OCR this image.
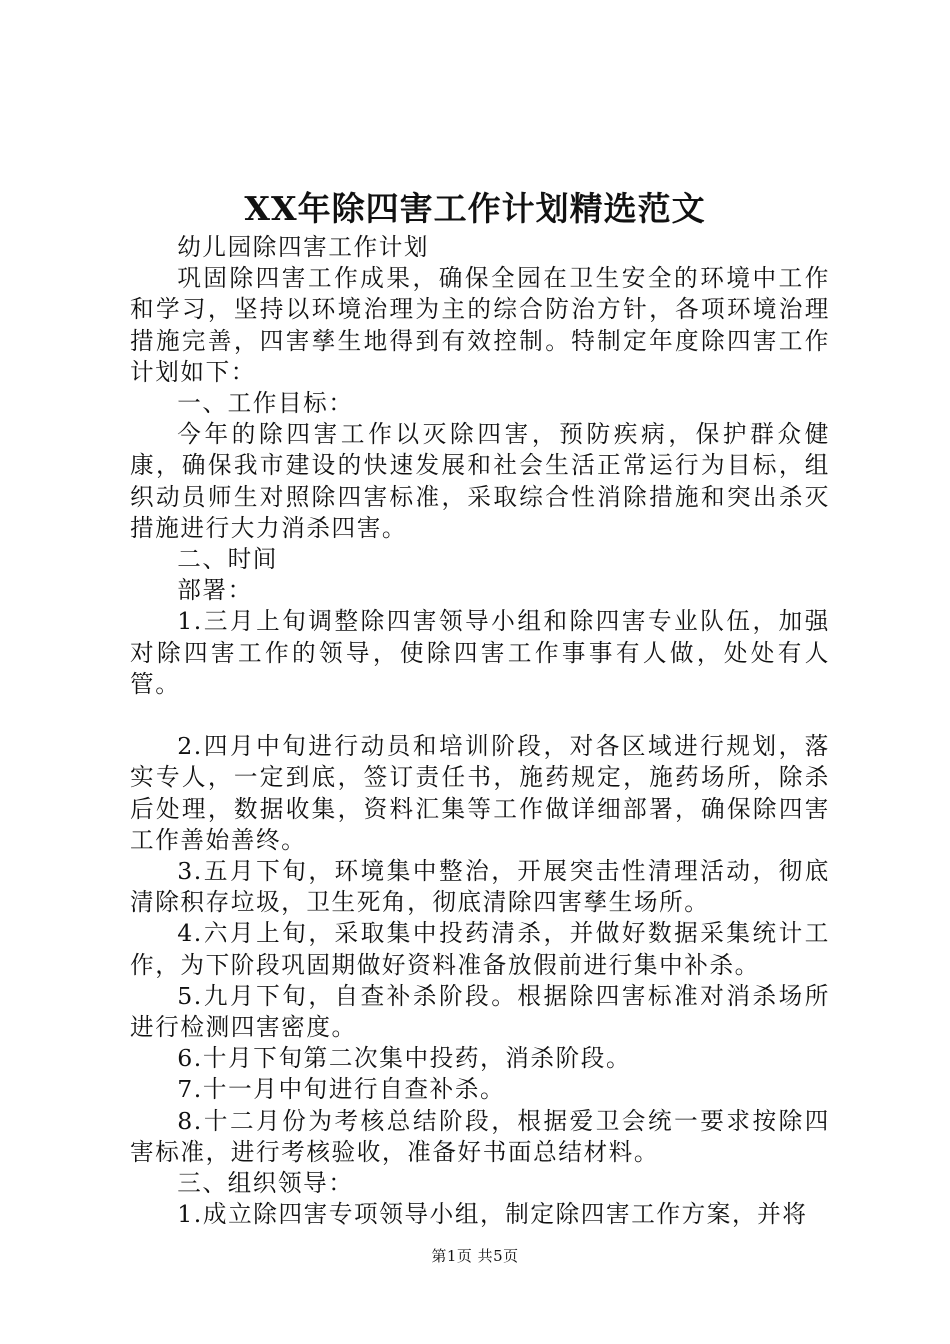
XX年除四害工作计划精选范文

幼儿园除四害工作计划

巩固除四害工作成果，确保全园在卫生安全的环境中工作和学习，坚持以环境治理为主的综合防治方针，各项环境治理措施完善，四害孳生地得到有效控制。特制定年度除四害工作计划如下：

一、工作目标：

今年的除四害工作以灭除四害，预防疾病，保护群众健康，确保我市建设的快速发展和社会生活正常运行为目标，组织动员师生对照除四害标准，采取综合性消除措施和突出杀灭措施进行大力消杀四害。

二、时间

部署：

1.三月上旬调整除四害领导小组和除四害专业队伍，加强对除四害工作的领导，使除四害工作事事有人做，处处有人管。

2.四月中旬进行动员和培训阶段，对各区域进行规划，落实专人，一定到底，签订责任书，施药规定，施药场所，除杀后处理，数据收集，资料汇集等工作做详细部署，确保除四害工作善始善终。

3.五月下旬，环境集中整治，开展突击性清理活动，彻底清除积存垃圾，卫生死角，彻底清除四害孳生场所。

4.六月上旬，采取集中投药清杀，并做好数据采集统计工作，为下阶段巩固期做好资料准备放假前进行集中补杀。

5.九月下旬，自查补杀阶段。根据除四害标准对消杀场所进行检测四害密度。

6.十月下旬第二次集中投药，消杀阶段。

7.十一月中旬进行自查补杀。

8.十二月份为考核总结阶段，根据爱卫会统一要求按除四害标准，进行考核验收，准备好书面总结材料。

三、组织领导：

1.成立除四害专项领导小组，制定除四害工作方案，并将

第1页 共5页
